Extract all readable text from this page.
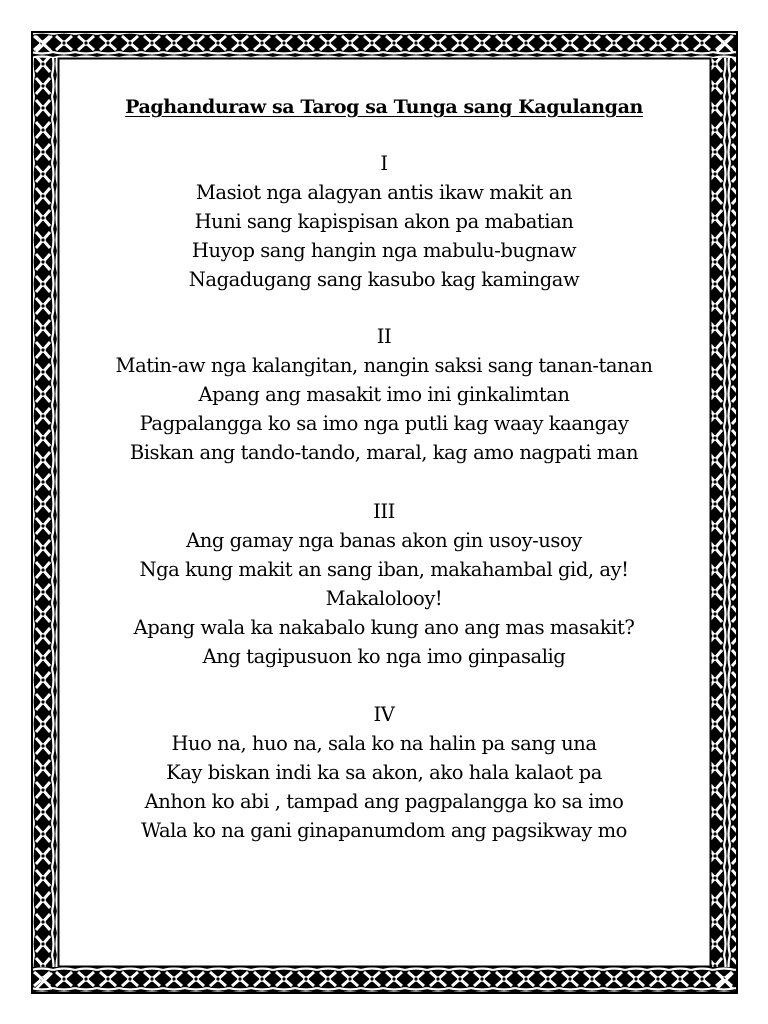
Paghanduraw sa Tarog sa Tunga sang Kagulangan
I
Masiot nga alagyan antis ikaw makit an
Huni sang kapispisan akon pa mabatian
Huyop sang hangin nga mabulu-bugnaw
Nagadugang sang kasubo kag kamingaw
II
Matin-aw nga kalangitan, nangin saksi sang tanan-tanan
Apang ang masakit imo ini ginkalimtan
Pagpalangga ko sa imo nga putli kag waay kaangay
Biskan ang tando-tando, maral, kag amo nagpati man
III
Ang gamay nga banas akon gin usoy-usoy
Nga kung makit an sang iban, makahambal gid, ay!
Makalolooy!
Apang wala ka nakabalo kung ano ang mas masakit?
Ang tagipusuon ko nga imo ginpasalig
IV
Huo na, huo na, sala ko na halin pa sang una
Kay biskan indi ka sa akon, ako hala kalaot pa
Anhon ko abi , tampad ang pagpalangga ko sa imo
Wala ko na gani ginapanumdom ang pagsikway mo
